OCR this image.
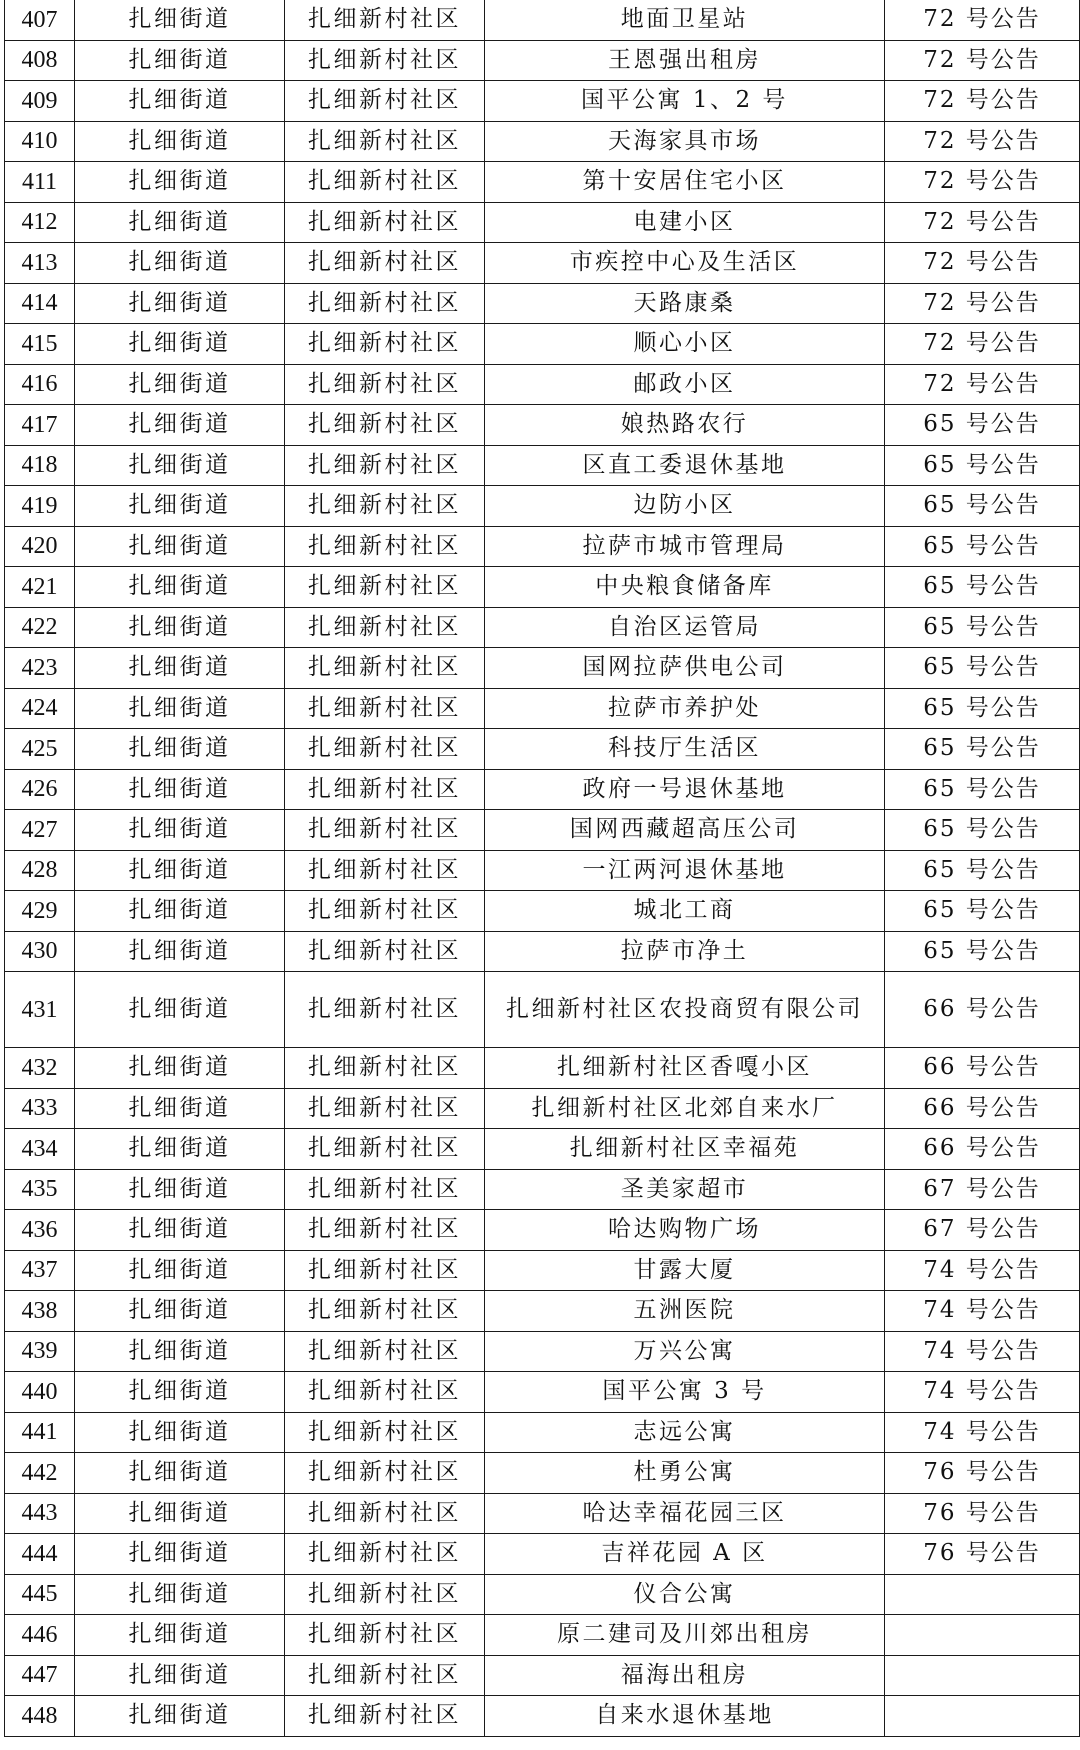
407	扎细街道	扎细新村社区	地面卫星站	72 号公告
408	扎细街道	扎细新村社区	王恩强出租房	72 号公告
409	扎细街道	扎细新村社区	国平公寓 1、2 号	72 号公告
410	扎细街道	扎细新村社区	天海家具市场	72 号公告
411	扎细街道	扎细新村社区	第十安居住宅小区	72 号公告
412	扎细街道	扎细新村社区	电建小区	72 号公告
413	扎细街道	扎细新村社区	市疾控中心及生活区	72 号公告
414	扎细街道	扎细新村社区	天路康桑	72 号公告
415	扎细街道	扎细新村社区	顺心小区	72 号公告
416	扎细街道	扎细新村社区	邮政小区	72 号公告
417	扎细街道	扎细新村社区	娘热路农行	65 号公告
418	扎细街道	扎细新村社区	区直工委退休基地	65 号公告
419	扎细街道	扎细新村社区	边防小区	65 号公告
420	扎细街道	扎细新村社区	拉萨市城市管理局	65 号公告
421	扎细街道	扎细新村社区	中央粮食储备库	65 号公告
422	扎细街道	扎细新村社区	自治区运管局	65 号公告
423	扎细街道	扎细新村社区	国网拉萨供电公司	65 号公告
424	扎细街道	扎细新村社区	拉萨市养护处	65 号公告
425	扎细街道	扎细新村社区	科技厅生活区	65 号公告
426	扎细街道	扎细新村社区	政府一号退休基地	65 号公告
427	扎细街道	扎细新村社区	国网西藏超高压公司	65 号公告
428	扎细街道	扎细新村社区	一江两河退休基地	65 号公告
429	扎细街道	扎细新村社区	城北工商	65 号公告
430	扎细街道	扎细新村社区	拉萨市净土	65 号公告
431	扎细街道	扎细新村社区	扎细新村社区农投商贸有限公司	66 号公告
432	扎细街道	扎细新村社区	扎细新村社区香嘎小区	66 号公告
433	扎细街道	扎细新村社区	扎细新村社区北郊自来水厂	66 号公告
434	扎细街道	扎细新村社区	扎细新村社区幸福苑	66 号公告
435	扎细街道	扎细新村社区	圣美家超市	67 号公告
436	扎细街道	扎细新村社区	哈达购物广场	67 号公告
437	扎细街道	扎细新村社区	甘露大厦	74 号公告
438	扎细街道	扎细新村社区	五洲医院	74 号公告
439	扎细街道	扎细新村社区	万兴公寓	74 号公告
440	扎细街道	扎细新村社区	国平公寓 3 号	74 号公告
441	扎细街道	扎细新村社区	志远公寓	74 号公告
442	扎细街道	扎细新村社区	杜勇公寓	76 号公告
443	扎细街道	扎细新村社区	哈达幸福花园三区	76 号公告
444	扎细街道	扎细新村社区	吉祥花园 A 区	76 号公告
445	扎细街道	扎细新村社区	仪合公寓	
446	扎细街道	扎细新村社区	原二建司及川郊出租房	
447	扎细街道	扎细新村社区	福海出租房	
448	扎细街道	扎细新村社区	自来水退休基地	
